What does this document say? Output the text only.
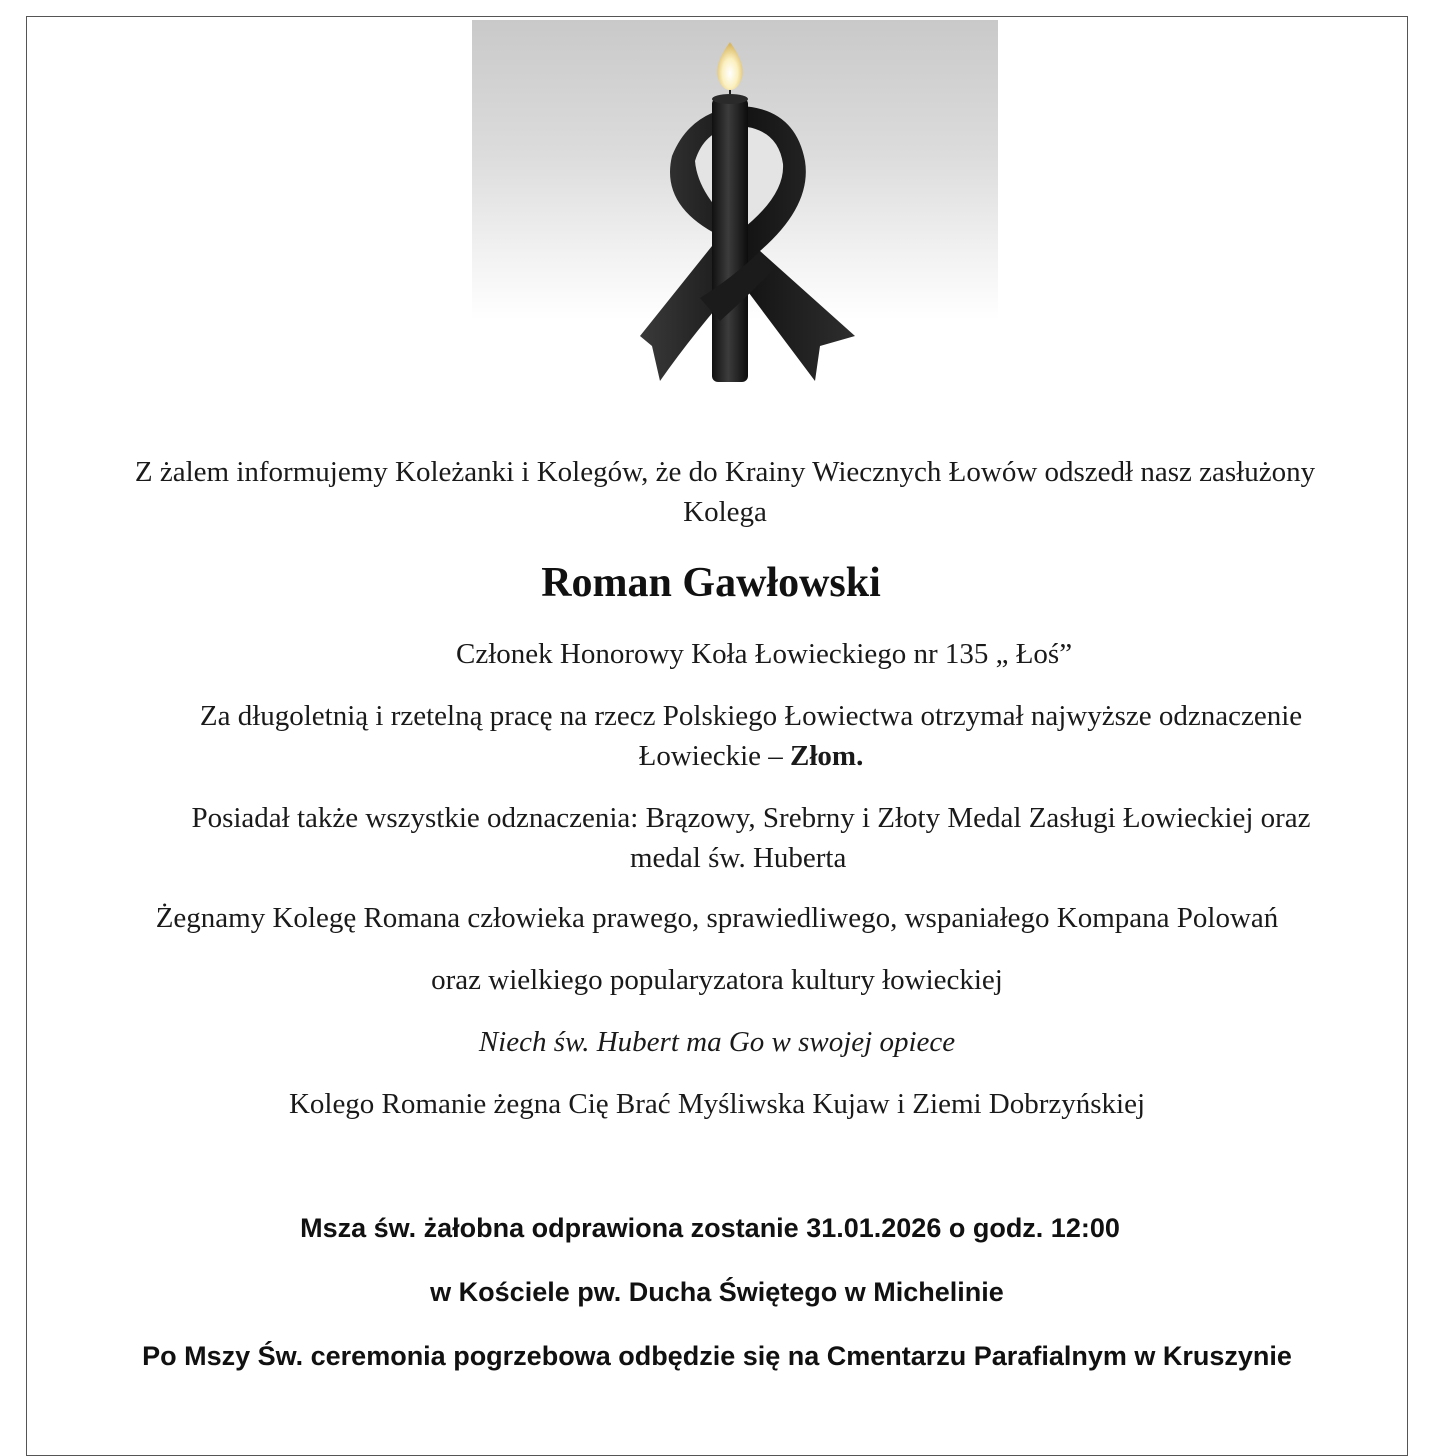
Z żalem informujemy Koleżanki i Kolegów, że do Krainy Wiecznych Łowów odszedł nasz zasłużony
Kolega
Roman Gawłowski
Członek Honorowy Koła Łowieckiego nr 135 „ Łoś”
Za długoletnią i rzetelną pracę na rzecz Polskiego Łowiectwa otrzymał najwyższe odznaczenie
Łowieckie – Złom.
Posiadał także wszystkie odznaczenia: Brązowy, Srebrny i Złoty Medal Zasługi Łowieckiej oraz
medal św. Huberta
Żegnamy Kolegę Romana człowieka prawego, sprawiedliwego, wspaniałego Kompana Polowań
oraz wielkiego popularyzatora kultury łowieckiej
Niech św. Hubert ma Go w swojej opiece
Kolego Romanie żegna Cię Brać Myśliwska Kujaw i Ziemi Dobrzyńskiej
Msza św. żałobna odprawiona zostanie 31.01.2026 o godz. 12:00
w Kościele pw. Ducha Świętego w Michelinie
Po Mszy Św. ceremonia pogrzebowa odbędzie się na Cmentarzu Parafialnym w Kruszynie
